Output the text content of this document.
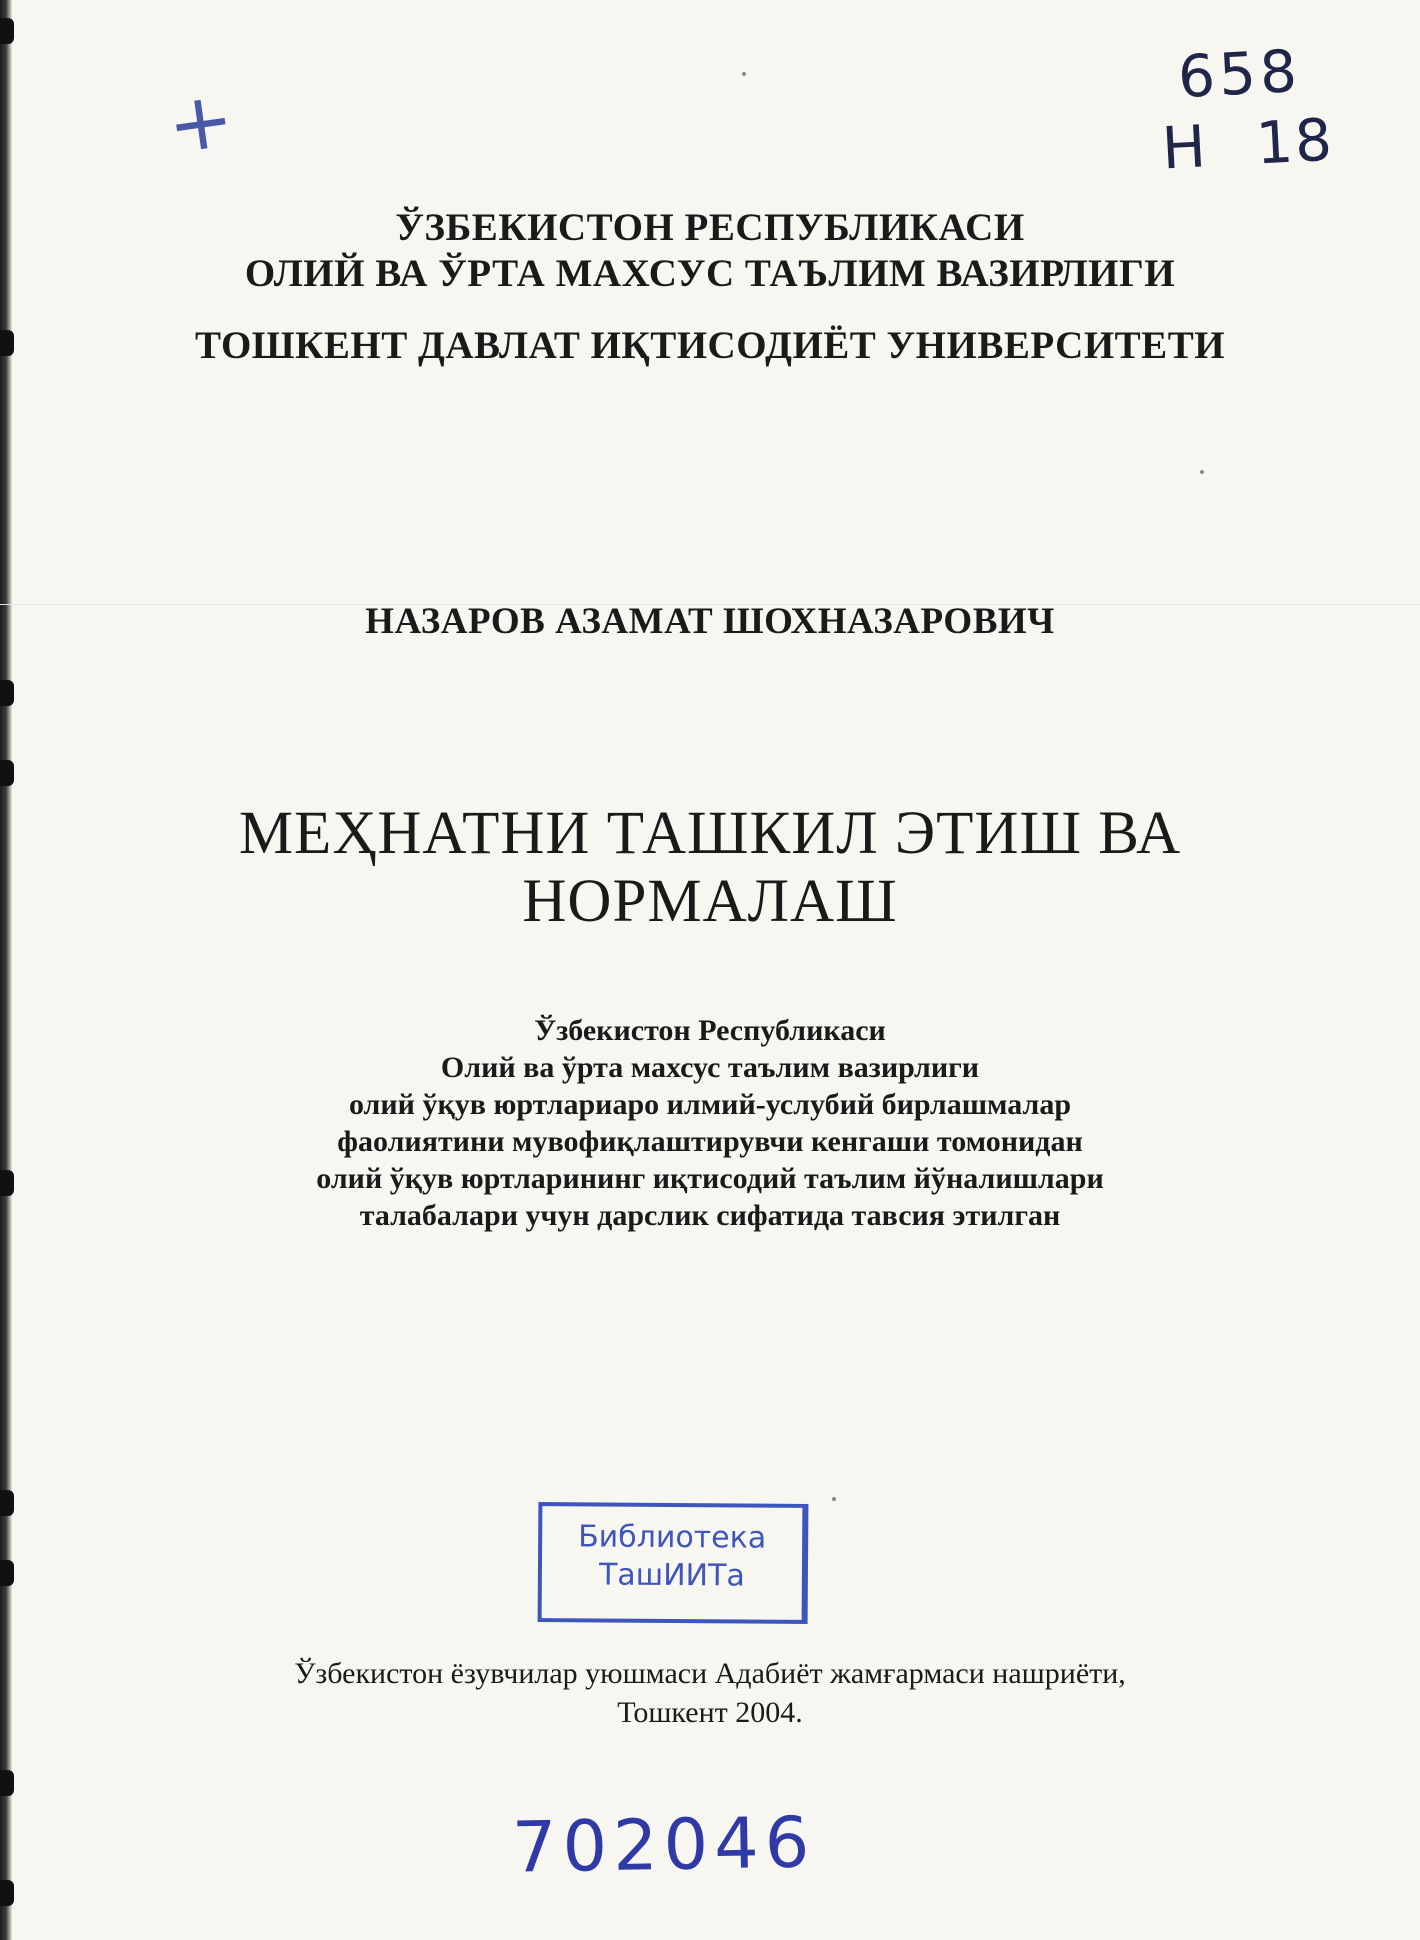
+	658
Н 18
ЎЗБЕКИСТОН РЕСПУБЛИКАСИ
ОЛИЙ ВА ЎРТА МАХСУС ТАЪЛИМ ВАЗИРЛИГИ
ТОШКЕНТ ДАВЛАТ ИҚТИСОДИЁТ УНИВЕРСИТЕТИ
НАЗАРОВ АЗАМАТ ШОХНАЗАРОВИЧ
МЕҲНАТНИ ТАШКИЛ ЭТИШ ВА
НОРМАЛАШ
Ўзбекистон Республикаси
Олий ва ўрта махсус таълим вазирлиги
олий ўқув юртлариаро илмий-услубий бирлашмалар
фаолиятини мувофиқлаштирувчи кенгаши томонидан
олий ўқув юртларининг иқтисодий таълим йўналишлари
талабалари учун дарслик сифатида тавсия этилган
Библиотека
ТашИИТа
Ўзбекистон ёзувчилар уюшмаси Адабиёт жамғармаси нашриёти,
Тошкент 2004.
702046
